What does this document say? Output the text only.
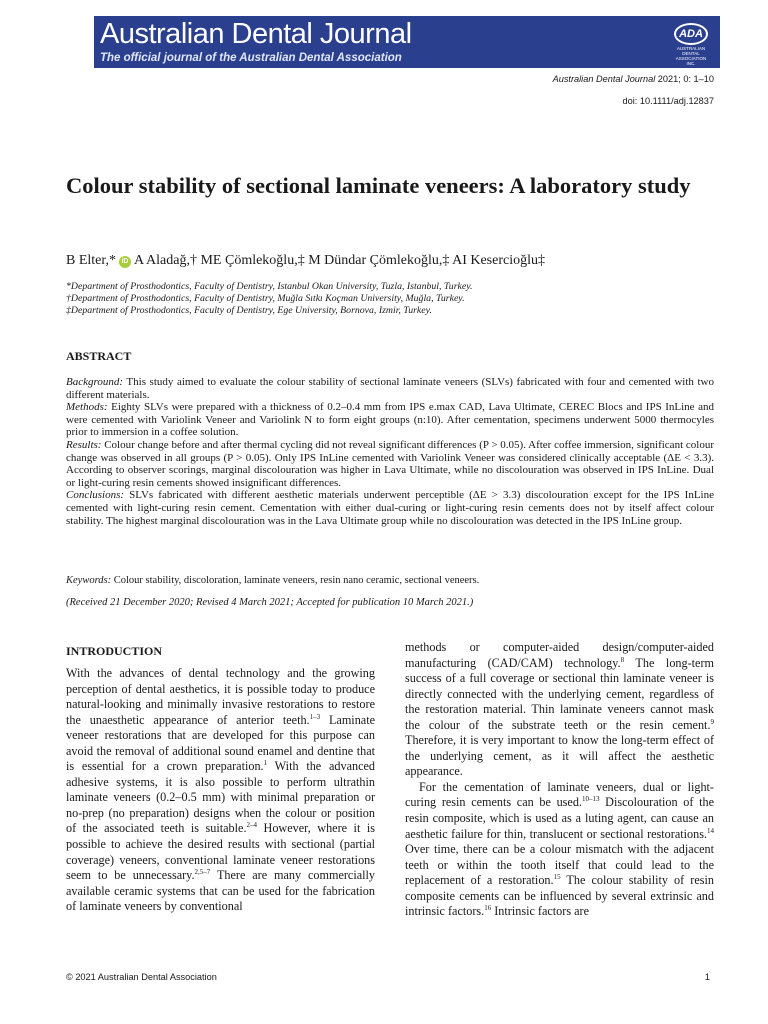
Australian Dental Journal
The official journal of the Australian Dental Association
ADA
AUSTRALIAN DENTAL ASSOCIATION INC.
Australian Dental Journal 2021; 0: 1–10
doi: 10.1111/adj.12837
Colour stability of sectional laminate veneers: A laboratory study
B Elter,* iD A Aladağ,† ME Çömlekoğlu,‡ M Dündar Çömlekoğlu,‡ AI Kesercioğlu‡
*Department of Prosthodontics, Faculty of Dentistry, Istanbul Okan University, Tuzla, Istanbul, Turkey.
†Department of Prosthodontics, Faculty of Dentistry, Muğla Sıtkı Koçman University, Muğla, Turkey.
‡Department of Prosthodontics, Faculty of Dentistry, Ege University, Bornova, Izmir, Turkey.
ABSTRACT

Background: This study aimed to evaluate the colour stability of sectional laminate veneers (SLVs) fabricated with four and cemented with two different materials.

Methods: Eighty SLVs were prepared with a thickness of 0.2–0.4 mm from IPS e.max CAD, Lava Ultimate, CEREC Blocs and IPS InLine and were cemented with Variolink Veneer and Variolink N to form eight groups (n:10). After cementation, specimens underwent 5000 thermocyles prior to immersion in a coffee solution.

Results: Colour change before and after thermal cycling did not reveal significant differences (P > 0.05). After coffee immersion, significant colour change was observed in all groups (P > 0.05). Only IPS InLine cemented with Variolink Veneer was considered clinically acceptable (ΔE < 3.3). According to observer scorings, marginal discolouration was higher in Lava Ultimate, while no discolouration was observed in IPS InLine. Dual or light-curing resin cements showed insignificant differences.

Conclusions: SLVs fabricated with different aesthetic materials underwent perceptible (ΔE > 3.3) discolouration except for the IPS InLine cemented with light-curing resin cement. Cementation with either dual-curing or light-curing resin cements does not by itself affect colour stability. The highest marginal discolouration was in the Lava Ultimate group while no discolouration was detected in the IPS InLine group.

Keywords: Colour stability, discoloration, laminate veneers, resin nano ceramic, sectional veneers.
(Received 21 December 2020; Revised 4 March 2021; Accepted for publication 10 March 2021.)
INTRODUCTION

With the advances of dental technology and the growing perception of dental aesthetics, it is possible today to produce natural-looking and minimally invasive restorations to restore the unaesthetic appearance of anterior teeth.$^{1-3}$ Laminate veneer restorations that are developed for this purpose can avoid the removal of additional sound enamel and dentine that is essential for a crown preparation.$^1$ With the advanced adhesive systems, it is also possible to perform ultrathin laminate veneers (0.2–0.5 mm) with minimal preparation or no-prep (no preparation) designs when the colour or position of the associated teeth is suitable.$^{2-4}$ However, where it is possible to achieve the desired results with sectional (partial coverage) veneers, conventional laminate veneer restorations seem to be unnecessary.$^{2,5-7}$ There are many commercially available ceramic systems that can be used for the fabrication of laminate veneers by conventional

methods or computer-aided design/computer-aided manufacturing (CAD/CAM) technology.$^8$ The long-term success of a full coverage or sectional thin laminate veneer is directly connected with the underlying cement, regardless of the restoration material. Thin laminate veneers cannot mask the colour of the substrate teeth or the resin cement.$^9$ Therefore, it is very important to know the long-term effect of the underlying cement, as it will affect the aesthetic appearance.

For the cementation of laminate veneers, dual or light-curing resin cements can be used.$^{10-13}$ Discolouration of the resin composite, which is used as a luting agent, can cause an aesthetic failure for thin, translucent or sectional restorations.$^{14}$ Over time, there can be a colour mismatch with the adjacent teeth or within the tooth itself that could lead to the replacement of a restoration.$^{15}$ The colour stability of resin composite cements can be influenced by several extrinsic and intrinsic factors.$^{16}$ Intrinsic factors are

© 2021 Australian Dental Association	1
